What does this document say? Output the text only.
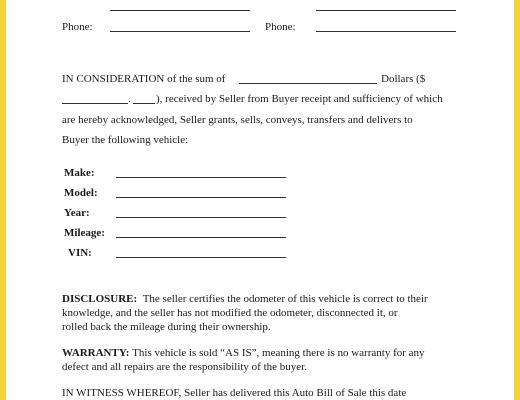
Phone:	Phone:
IN CONSIDERATION of the sum of	Dollars ($
. ), received by Seller from Buyer receipt and sufficiency of which
are hereby acknowledged, Seller grants, sells, conveys, transfers and delivers to
Buyer the following vehicle:
Make:
Model:
Year:
Mileage:
VIN:
DISCLOSURE: The seller certifies the odometer of this vehicle is correct to their
knowledge, and the seller has not modified the odometer, disconnected it, or
rolled back the mileage during their ownership.
WARRANTY: This vehicle is sold “AS IS”, meaning there is no warranty for any
defect and all repairs are the responsibility of the buyer.
IN WITNESS WHEREOF, Seller has delivered this Auto Bill of Sale this date
